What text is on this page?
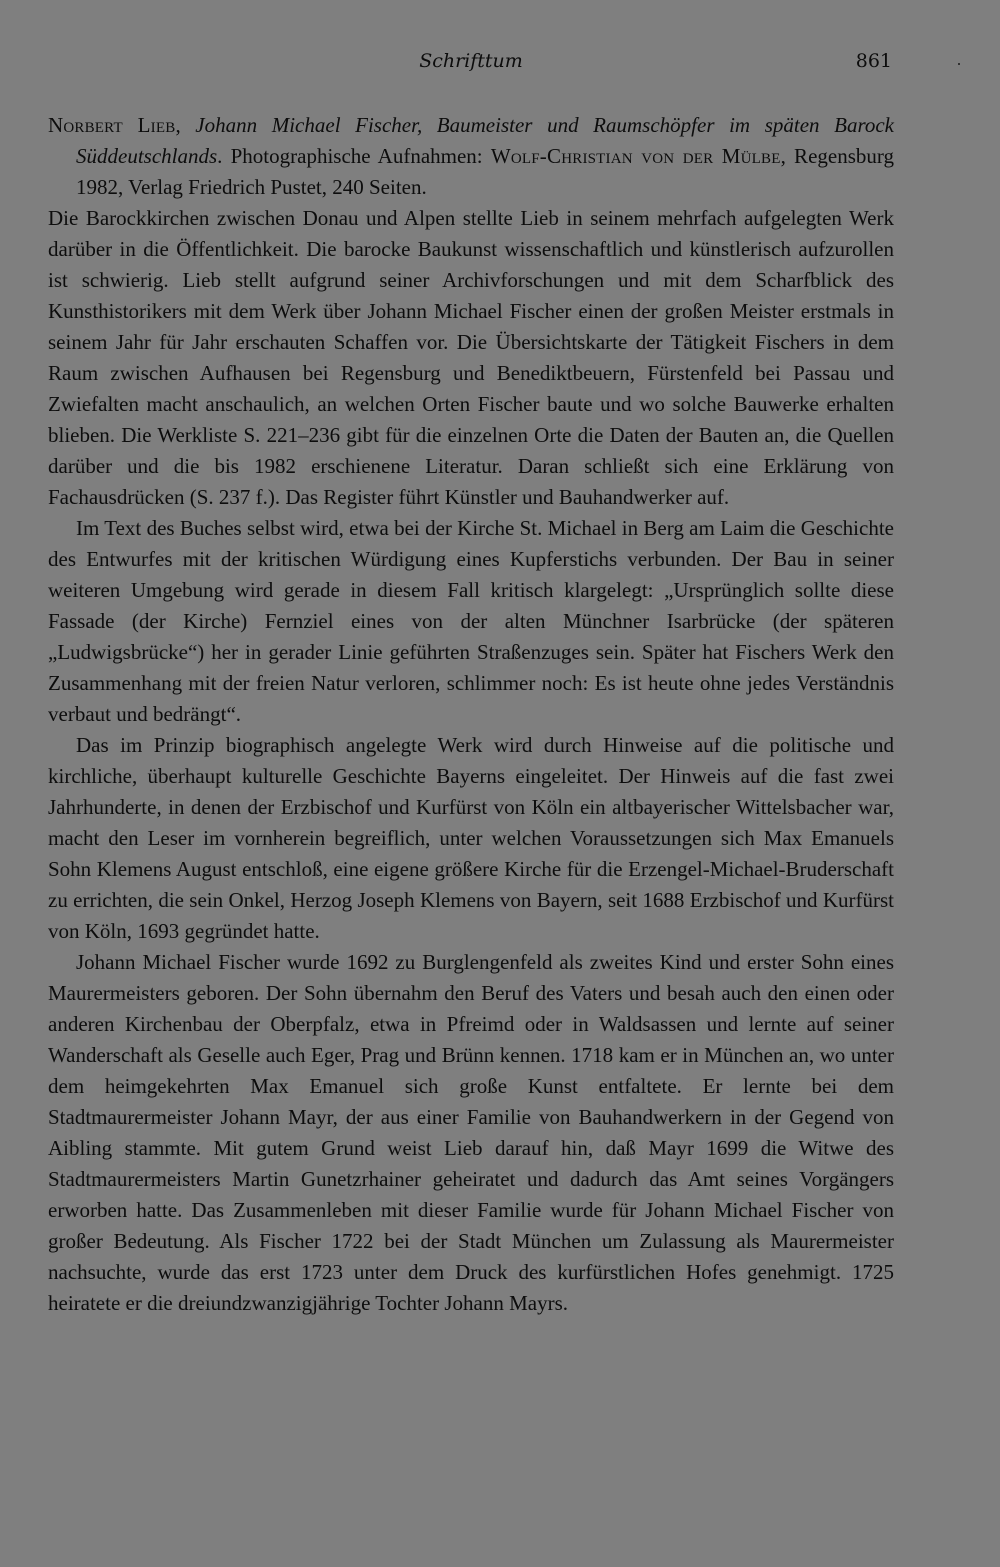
Schrifttum	861
Norbert Lieb, Johann Michael Fischer, Baumeister und Raumschöpfer im späten Barock Süddeutschlands. Photographische Aufnahmen: Wolf-Christian von der Mülbe, Regensburg 1982, Verlag Friedrich Pustet, 240 Seiten.

Die Barockkirchen zwischen Donau und Alpen stellte Lieb in seinem mehrfach aufgelegten Werk darüber in die Öffentlichkeit. Die barocke Baukunst wissenschaftlich und künstlerisch aufzurollen ist schwierig. Lieb stellt aufgrund seiner Archivforschungen und mit dem Scharfblick des Kunsthistorikers mit dem Werk über Johann Michael Fischer einen der großen Meister erstmals in seinem Jahr für Jahr erschauten Schaffen vor. Die Übersichtskarte der Tätigkeit Fischers in dem Raum zwischen Aufhausen bei Regensburg und Benediktbeuern, Fürstenfeld bei Passau und Zwiefalten macht anschaulich, an welchen Orten Fischer baute und wo solche Bauwerke erhalten blieben. Die Werkliste S. 221–236 gibt für die einzelnen Orte die Daten der Bauten an, die Quellen darüber und die bis 1982 erschienene Literatur. Daran schließt sich eine Erklärung von Fachausdrücken (S. 237 f.). Das Register führt Künstler und Bauhandwerker auf.

Im Text des Buches selbst wird, etwa bei der Kirche St. Michael in Berg am Laim die Geschichte des Entwurfes mit der kritischen Würdigung eines Kupferstichs verbunden. Der Bau in seiner weiteren Umgebung wird gerade in diesem Fall kritisch klargelegt: „Ursprünglich sollte diese Fassade (der Kirche) Fernziel eines von der alten Münchner Isarbrücke (der späteren „Ludwigsbrücke“) her in gerader Linie geführten Straßenzuges sein. Später hat Fischers Werk den Zusammenhang mit der freien Natur verloren, schlimmer noch: Es ist heute ohne jedes Verständnis verbaut und bedrängt“.

Das im Prinzip biographisch angelegte Werk wird durch Hinweise auf die politische und kirchliche, überhaupt kulturelle Geschichte Bayerns eingeleitet. Der Hinweis auf die fast zwei Jahrhunderte, in denen der Erzbischof und Kurfürst von Köln ein altbayerischer Wittelsbacher war, macht den Leser im vornherein begreiflich, unter welchen Voraussetzungen sich Max Emanuels Sohn Klemens August entschloß, eine eigene größere Kirche für die Erzengel-Michael-Bruderschaft zu errichten, die sein Onkel, Herzog Joseph Klemens von Bayern, seit 1688 Erzbischof und Kurfürst von Köln, 1693 gegründet hatte.

Johann Michael Fischer wurde 1692 zu Burglengenfeld als zweites Kind und erster Sohn eines Maurermeisters geboren. Der Sohn übernahm den Beruf des Vaters und besah auch den einen oder anderen Kirchenbau der Oberpfalz, etwa in Pfreimd oder in Waldsassen und lernte auf seiner Wanderschaft als Geselle auch Eger, Prag und Brünn kennen. 1718 kam er in München an, wo unter dem heimgekehrten Max Emanuel sich große Kunst entfaltete. Er lernte bei dem Stadtmaurermeister Johann Mayr, der aus einer Familie von Bauhandwerkern in der Gegend von Aibling stammte. Mit gutem Grund weist Lieb darauf hin, daß Mayr 1699 die Witwe des Stadtmaurermeisters Martin Gunetzrhainer geheiratet und dadurch das Amt seines Vorgängers erworben hatte. Das Zusammenleben mit dieser Familie wurde für Johann Michael Fischer von großer Bedeutung. Als Fischer 1722 bei der Stadt München um Zulassung als Maurermeister nachsuchte, wurde das erst 1723 unter dem Druck des kurfürstlichen Hofes genehmigt. 1725 heiratete er die dreiundzwanzigjährige Tochter Johann Mayrs.
